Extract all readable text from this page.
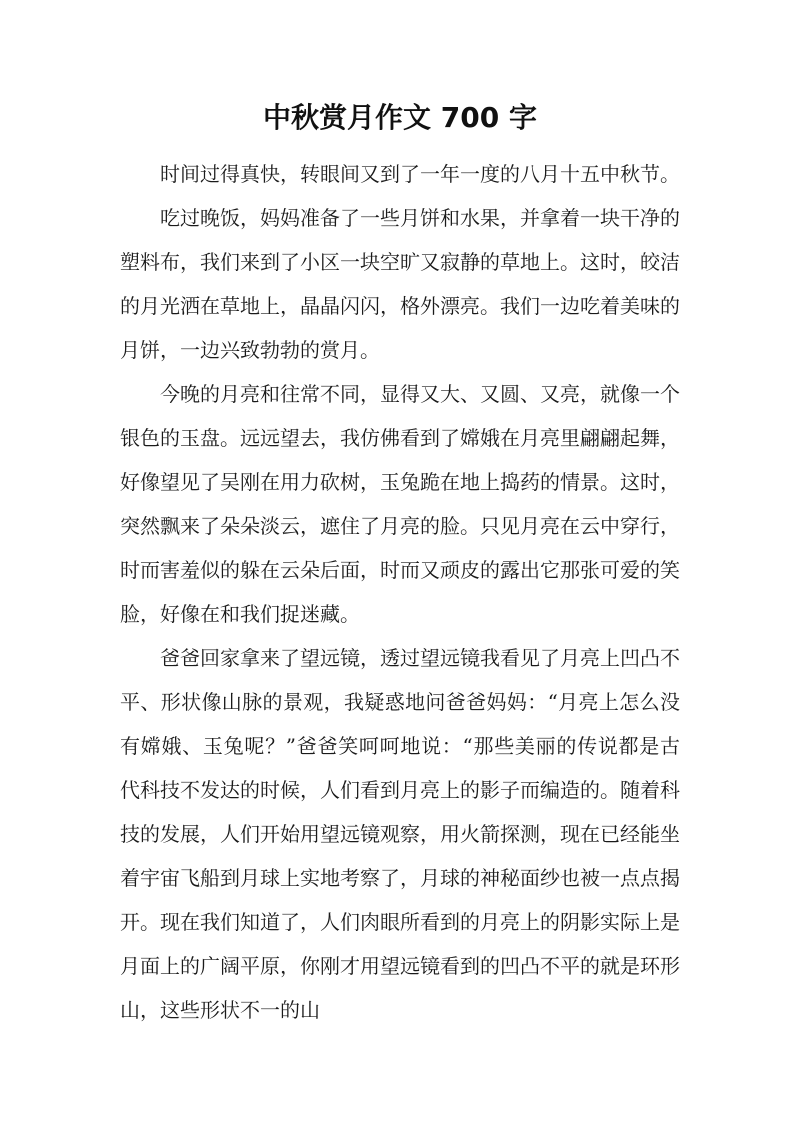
中秋赏月作文 700 字

时间过得真快，转眼间又到了一年一度的八月十五中秋节。

吃过晚饭，妈妈准备了一些月饼和水果，并拿着一块干净的塑料布，我们来到了小区一块空旷又寂静的草地上。这时，皎洁的月光洒在草地上，晶晶闪闪，格外漂亮。我们一边吃着美味的月饼，一边兴致勃勃的赏月。

今晚的月亮和往常不同，显得又大、又圆、又亮，就像一个银色的玉盘。远远望去，我仿佛看到了嫦娥在月亮里翩翩起舞，好像望见了吴刚在用力砍树，玉兔跪在地上捣药的情景。这时，突然飘来了朵朵淡云，遮住了月亮的脸。只见月亮在云中穿行，时而害羞似的躲在云朵后面，时而又顽皮的露出它那张可爱的笑脸，好像在和我们捉迷藏。

爸爸回家拿来了望远镜，透过望远镜我看见了月亮上凹凸不平、形状像山脉的景观，我疑惑地问爸爸妈妈：“月亮上怎么没有嫦娥、玉兔呢？”爸爸笑呵呵地说：“那些美丽的传说都是古代科技不发达的时候，人们看到月亮上的影子而编造的。随着科技的发展，人们开始用望远镜观察，用火箭探测，现在已经能坐着宇宙飞船到月球上实地考察了，月球的神秘面纱也被一点点揭开。现在我们知道了，人们肉眼所看到的月亮上的阴影实际上是月面上的广阔平原，你刚才用望远镜看到的凹凸不平的就是环形山，这些形状不一的山
